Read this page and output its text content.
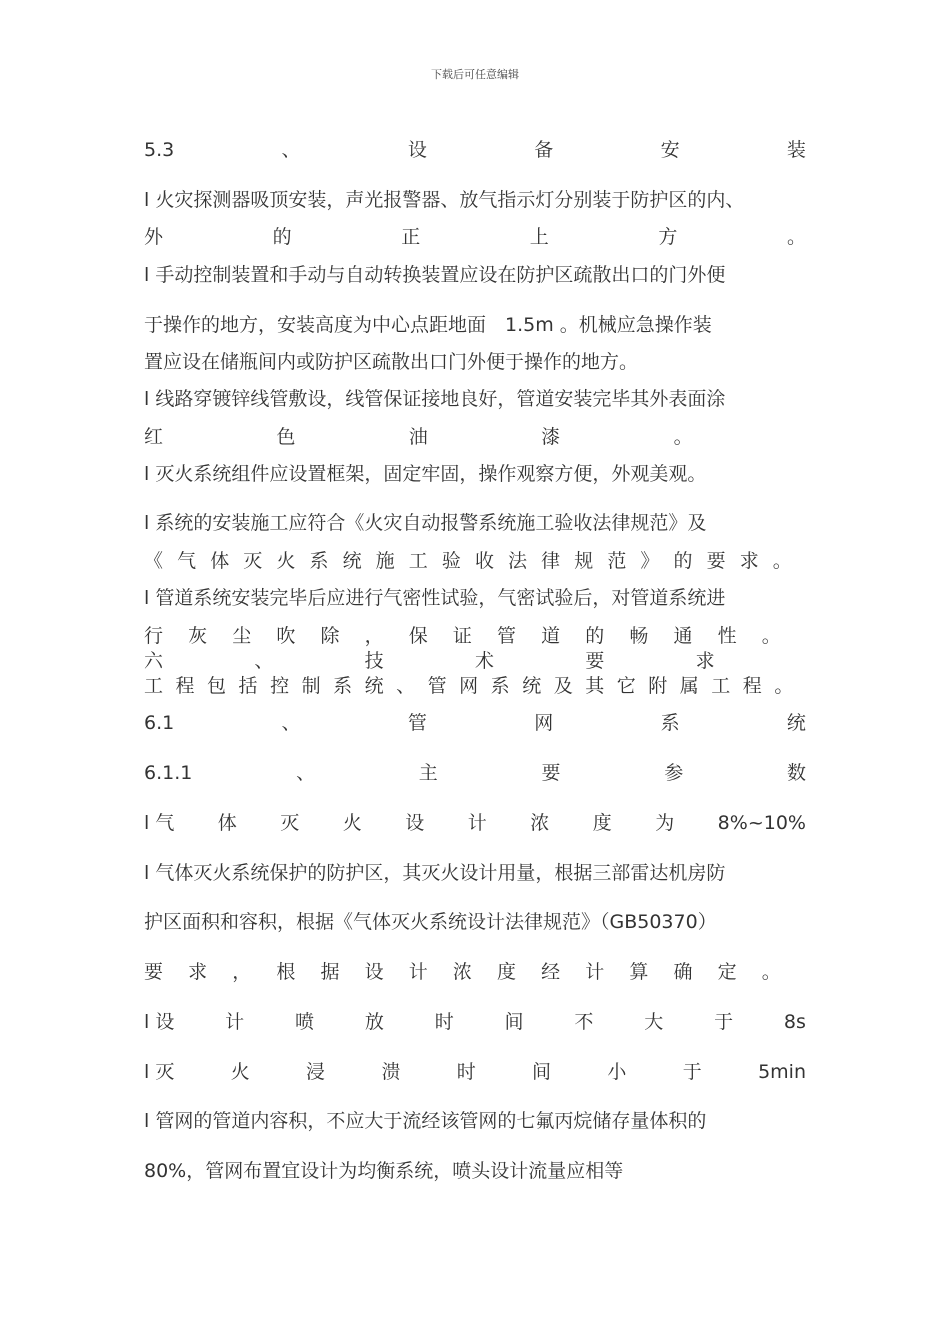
下载后可任意编辑
5.3	、	设	备	安	装
l 火灾探测器吸顶安装，声光报警器、放气指示灯分别装于防护区的内、
外	的	正	上	方	。
l 手动控制装置和手动与自动转换装置应设在防护区疏散出口的门外便
于操作的地方，安装高度为中心点距地面　1.5m 。机械应急操作装
置应设在储瓶间内或防护区疏散出口门外便于操作的地方。
l 线路穿镀锌线管敷设，线管保证接地良好，管道安装完毕其外表面涂
红	色	油	漆	。
l 灭火系统组件应设置框架，固定牢固，操作观察方便，外观美观。
l 系统的安装施工应符合《火灾自动报警系统施工验收法律规范》及
《 气 体 灭 火 系 统 施 工 验 收 法 律 规 范 》 的 要 求 。
l 管道系统安装完毕后应进行气密性试验，气密试验后，对管道系统进
行 灰 尘 吹 除 ， 保 证 管 道 的 畅 通 性 。
六	、	技	术	要	求
工 程 包 括 控 制 系 统 、 管 网 系 统 及 其 它 附 属 工 程 。
6.1	、	管	网	系	统
6.1.1	、	主	要	参	数
l 气 体 灭 火 设 计 浓 度 为 8%~10%
l 气体灭火系统保护的防护区，其灭火设计用量，根据三部雷达机房防
护区面积和容积，根据《气体灭火系统设计法律规范》（GB50370）
要 求 ， 根 据 设 计 浓 度 经 计 算 确 定 。
l 设	计	喷	放	时	间	不	大	于	8s
l 灭	火	浸	溃	时	间	小	于	5min
l 管网的管道内容积，不应大于流经该管网的七氟丙烷储存量体积的
80%，管网布置宜设计为均衡系统，喷头设计流量应相等
